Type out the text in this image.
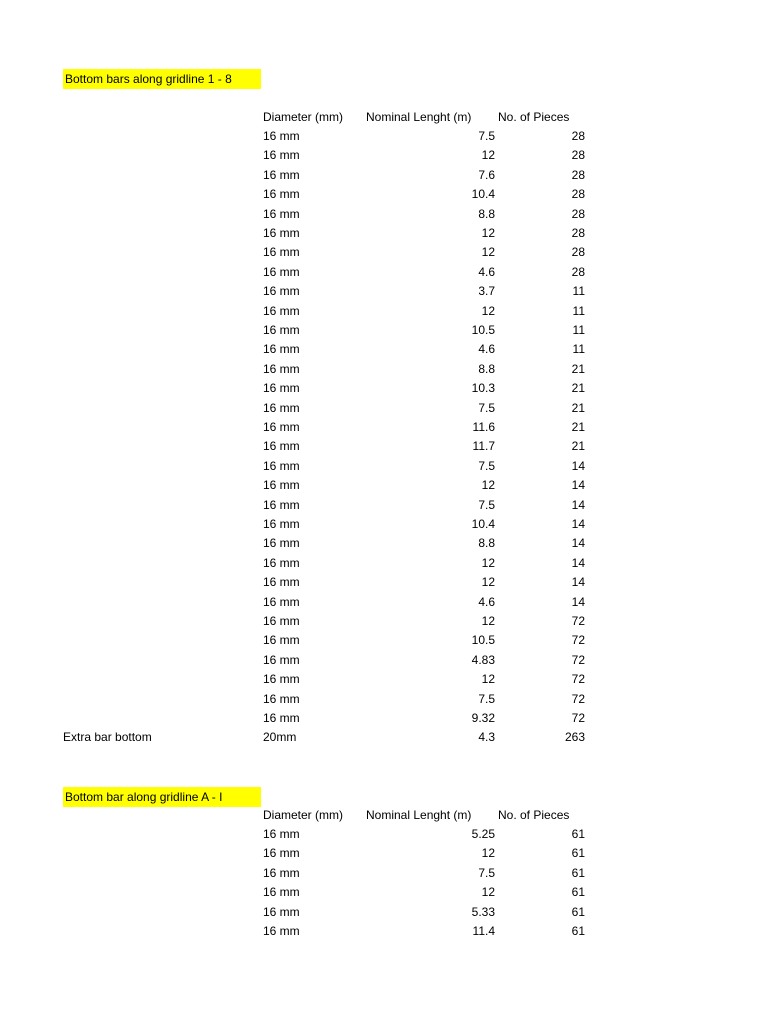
Bottom bars along gridline 1 - 8
Diameter (mm) Nominal Lenght (m) No. of Pieces
16 mm	7.5	28
16 mm	12	28
16 mm	7.6	28
16 mm	10.4	28
16 mm	8.8	28
16 mm	12	28
16 mm	12	28
16 mm	4.6	28
16 mm	3.7	11
16 mm	12	11
16 mm	10.5	11
16 mm	4.6	11
16 mm	8.8	21
16 mm	10.3	21
16 mm	7.5	21
16 mm	11.6	21
16 mm	11.7	21
16 mm	7.5	14
16 mm	12	14
16 mm	7.5	14
16 mm	10.4	14
16 mm	8.8	14
16 mm	12	14
16 mm	12	14
16 mm	4.6	14
16 mm	12	72
16 mm	10.5	72
16 mm	4.83	72
16 mm	12	72
16 mm	7.5	72
16 mm	9.32	72
Extra bar bottom	20mm	4.3	263
Bottom bar along gridline A - I
Diameter (mm) Nominal Lenght (m) No. of Pieces
16 mm	5.25	61
16 mm	12	61
16 mm	7.5	61
16 mm	12	61
16 mm	5.33	61
16 mm	11.4	61
